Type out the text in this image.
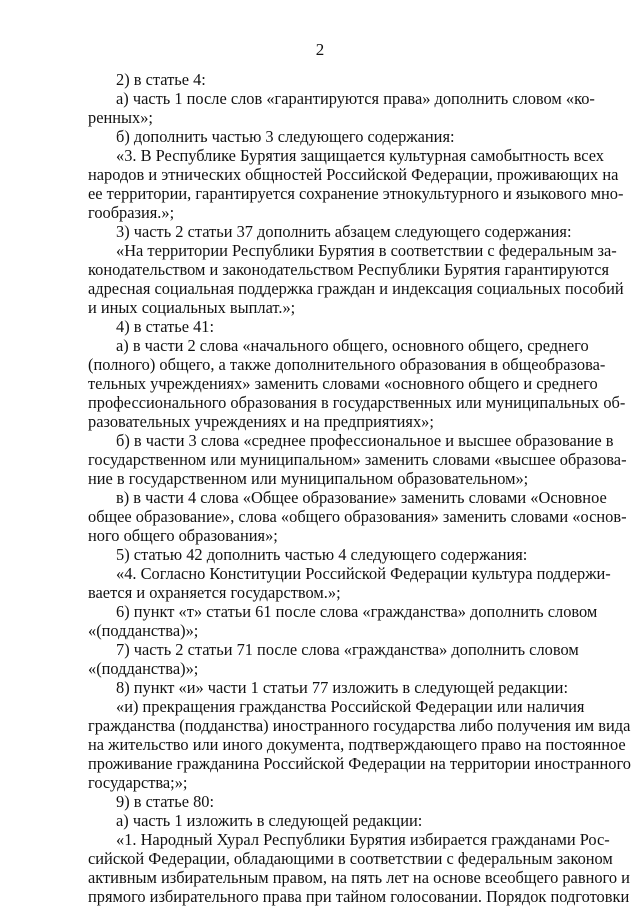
2
2) в статье 4:
а) часть 1 после слов «гарантируются права» дополнить словом «ко-
ренных»;
б) дополнить частью 3 следующего содержания:
«3. В Республике Бурятия защищается культурная самобытность всех
народов и этнических общностей Российской Федерации, проживающих на
ее территории, гарантируется сохранение этнокультурного и языкового мно-
гообразия.»;
3) часть 2 статьи 37 дополнить абзацем следующего содержания:
«На территории Республики Бурятия в соответствии с федеральным за-
конодательством и законодательством Республики Бурятия гарантируются
адресная социальная поддержка граждан и индексация социальных пособий
и иных социальных выплат.»;
4) в статье 41:
а) в части 2 слова «начального общего, основного общего, среднего
(полного) общего, а также дополнительного образования в общеобразова-
тельных учреждениях» заменить словами «основного общего и среднего
профессионального образования в государственных или муниципальных об-
разовательных учреждениях и на предприятиях»;
б) в части 3 слова «среднее профессиональное и высшее образование в
государственном или муниципальном» заменить словами «высшее образова-
ние в государственном или муниципальном образовательном»;
в) в части 4 слова «Общее образование» заменить словами «Основное
общее образование», слова «общего образования» заменить словами «основ-
ного общего образования»;
5) статью 42 дополнить частью 4 следующего содержания:
«4. Согласно Конституции Российской Федерации культура поддержи-
вается и охраняется государством.»;
6) пункт «т» статьи 61 после слова «гражданства» дополнить словом
«(подданства)»;
7) часть 2 статьи 71 после слова «гражданства» дополнить словом
«(подданства)»;
8) пункт «и» части 1 статьи 77 изложить в следующей редакции:
«и) прекращения гражданства Российской Федерации или наличия
гражданства (подданства) иностранного государства либо получения им вида
на жительство или иного документа, подтверждающего право на постоянное
проживание гражданина Российской Федерации на территории иностранного
государства;»;
9) в статье 80:
а) часть 1 изложить в следующей редакции:
«1. Народный Хурал Республики Бурятия избирается гражданами Рос-
сийской Федерации, обладающими в соответствии с федеральным законом
активным избирательным правом, на пять лет на основе всеобщего равного и
прямого избирательного права при тайном голосовании. Порядок подготовки
